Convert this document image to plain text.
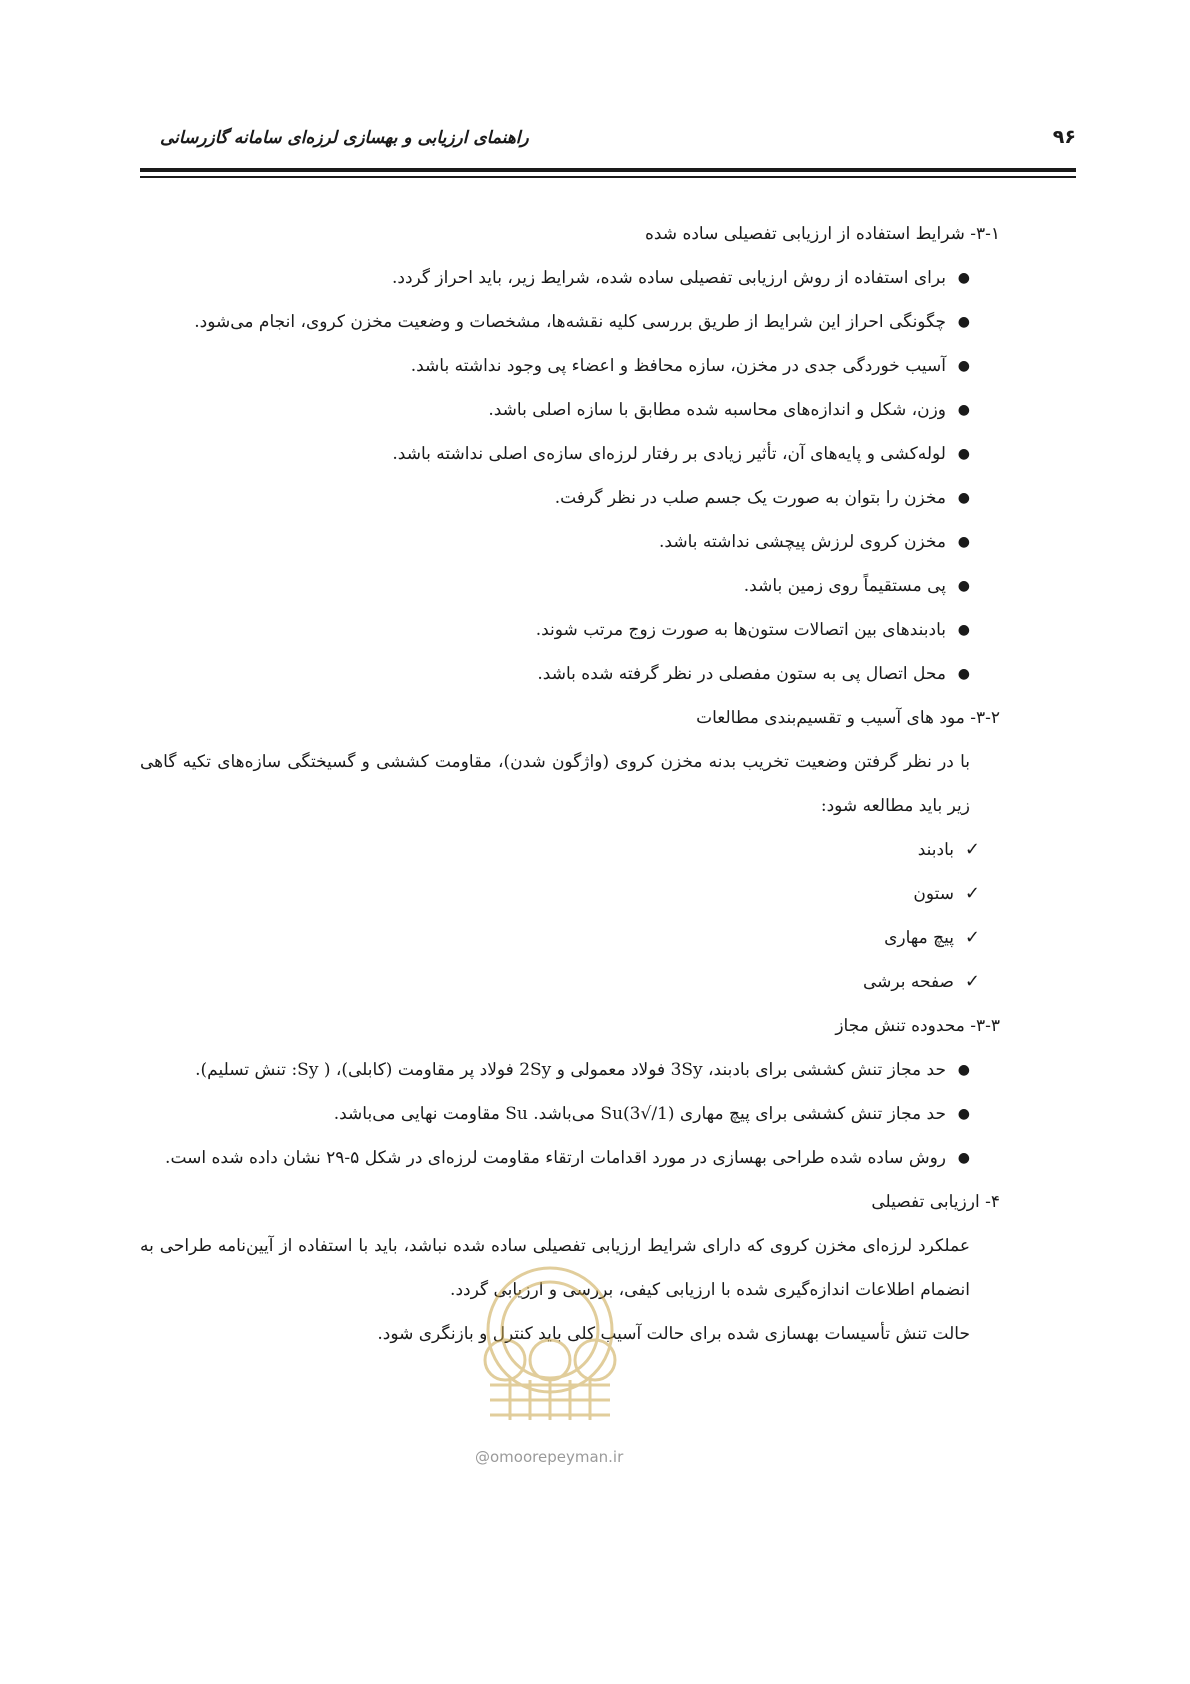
۹۶
راهنمای ارزیابی و بهسازی لرزه‌ای سامانه گازرسانی
۳-۱- شرایط استفاده از ارزیابی تفصیلی ساده شده
●
برای استفاده از روش ارزیابی تفصیلی ساده شده، شرایط زیر، باید احراز گردد.
●
چگونگی احراز این شرایط از طریق بررسی کلیه نقشه‌ها، مشخصات و وضعیت مخزن کروی، انجام می‌شود.
●
آسیب خوردگی جدی در مخزن، سازه محافظ و اعضاء پی وجود نداشته باشد.
●
وزن، شکل و اندازه‌های محاسبه شده مطابق با سازه اصلی باشد.
●
لوله‌کشی و پایه‌های آن، تأثیر زیادی بر رفتار لرزه‌ای سازه‌ی اصلی نداشته باشد.
●
مخزن را بتوان به صورت یک جسم صلب در نظر گرفت.
●
مخزن کروی لرزش پیچشی نداشته باشد.
●
پی مستقیماً روی زمین باشد.
●
بادبندهای بین اتصالات ستون‌ها به صورت زوج مرتب شوند.
●
محل اتصال پی به ستون مفصلی در نظر گرفته شده باشد.
۳-۲- مود های آسیب و تقسیم‌بندی مطالعات

با در نظر گرفتن وضعیت تخریب بدنه مخزن کروی (واژگون شدن)، مقاومت کششی و گسیختگی سازه‌های تکیه گاهی زیر باید مطالعه شود:

✓
بادبند
✓
ستون
✓
پیچ مهاری
✓
صفحه برشی
۳-۳- محدوده تنش مجاز
●
حد مجاز تنش کششی برای بادبند، 3Sy فولاد معمولی و 2Sy فولاد پر مقاومت (کابلی)، ( Sy: تنش تسلیم).
●
حد مجاز تنش کششی برای پیچ مهاری (1/√3)Su می‌باشد. Su مقاومت نهایی می‌باشد.
●
روش ساده شده طراحی بهسازی در مورد اقدامات ارتقاء مقاومت لرزه‌ای در شکل ۵-۲۹ نشان داده شده است.
۴- ارزیابی تفصیلی

عملکرد لرزه‌ای مخزن کروی که دارای شرایط ارزیابی تفصیلی ساده شده نباشد، باید با استفاده از آیین‌نامه طراحی به انضمام اطلاعات اندازه‌گیری شده با ارزیابی کیفی، بررسی و ارزیابی گردد.

حالت تنش تأسیسات بهسازی شده برای حالت آسیب کلی باید کنترل و بازنگری شود.

@omoorepeyman.ir
